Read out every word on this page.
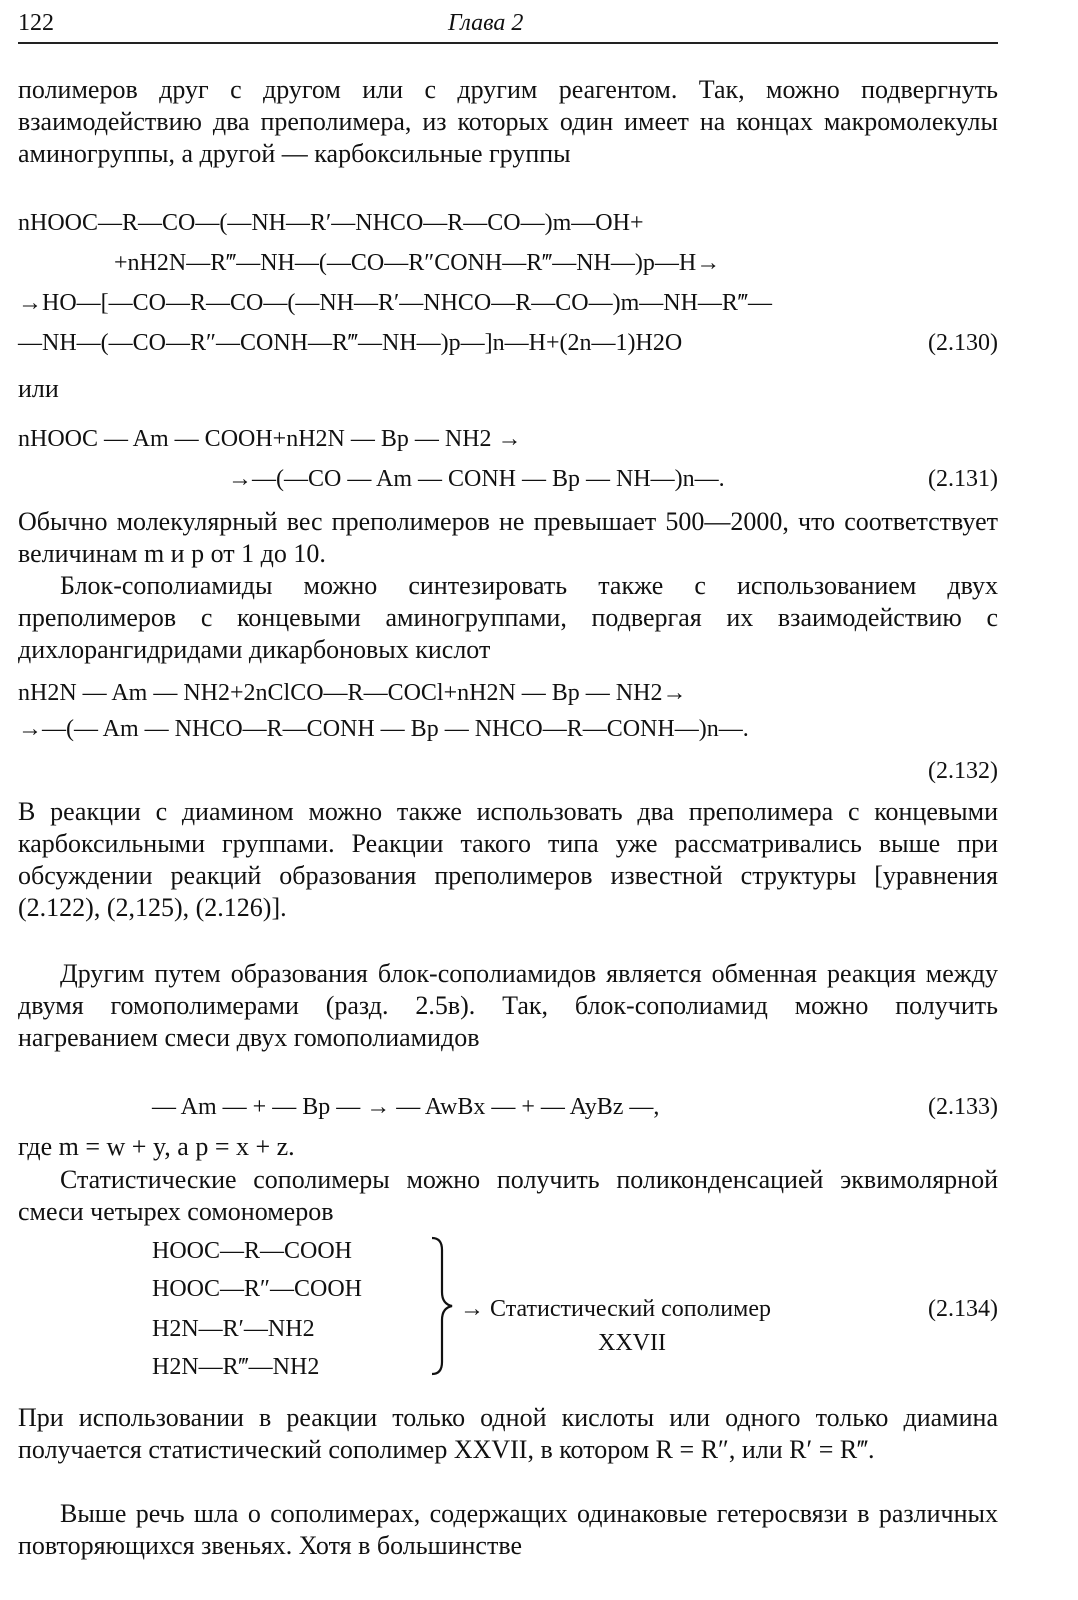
122	Глава 2
полимеров друг с другом или с другим реагентом. Так, можно подвергнуть взаимодействию два преполимера, из которых один имеет на концах макромолекулы аминогруппы, а другой — карбоксильные группы
nHOOC—R—CO—(—NH—R′—NHCO—R—CO—)m—OH+
+nH2N—R‴—NH—(—CO—R″CONH—R‴—NH—)p—H→
→HO—[—CO—R—CO—(—NH—R′—NHCO—R—CO—)m—NH—R‴—
—NH—(—CO—R″—CONH—R‴—NH—)p—]n—H+(2n—1)H2O	(2.130)
или
nHOOC — Am — COOH+nH2N — Bp — NH2 →
→—(—CO — Am — CONH — Bp — NH—)n—.	(2.131)
Обычно молекулярный вес преполимеров не превышает 500—2000, что соответствует величинам m и p от 1 до 10.
Блок-сополиамиды можно синтезировать также с использованием двух преполимеров с концевыми аминогруппами, подвергая их взаимодействию с дихлорангидридами дикарбоновых кислот
nH2N — Am — NH2+2nClCO—R—COCl+nH2N — Bp — NH2→
→—(— Am — NHCO—R—CONH — Bp — NHCO—R—CONH—)n—.
(2.132)
В реакции с диамином можно также использовать два преполимера с концевыми карбоксильными группами. Реакции такого типа уже рассматривались выше при обсуждении реакций образования преполимеров известной структуры [уравнения (2.122), (2,125), (2.126)].
Другим путем образования блок-сополиамидов является обменная реакция между двумя гомополимерами (разд. 2.5в). Так, блок-сополиамид можно получить нагреванием смеси двух гомополиамидов
— Am — + — Bp — → — AwBx — + — AyBz —,	(2.133)
где m = w + y, а p = x + z.
Статистические сополимеры можно получить поликонденсацией эквимолярной смеси четырех сомономеров
HOOC—R—COOH
HOOC—R″—COOH
H2N—R′—NH2
H2N—R‴—NH2
→ Статистический сополимер
XXVII
(2.134)
При использовании в реакции только одной кислоты или одного только диамина получается статистический сополимер XXVII, в котором R = R″, или R′ = R‴.
Выше речь шла о сополимерах, содержащих одинаковые гетеросвязи в различных повторяющихся звеньях. Хотя в большинстве
